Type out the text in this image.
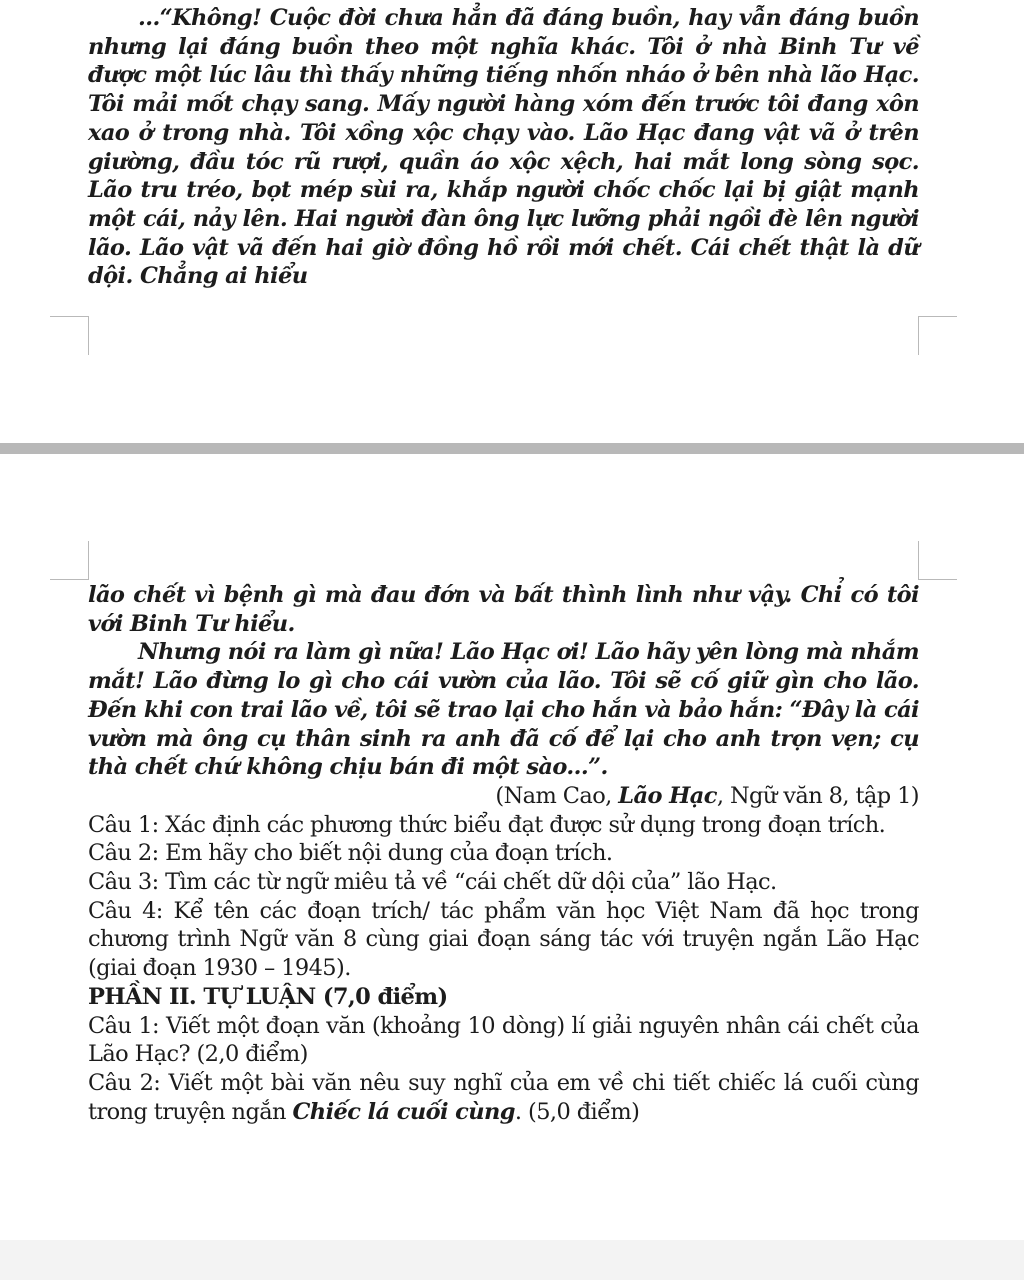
...“Không! Cuộc đời chưa hẳn đã đáng buồn, hay vẫn đáng buồn nhưng lại đáng buồn theo một nghĩa khác. Tôi ở nhà Binh Tư về được một lúc lâu thì thấy những tiếng nhốn nháo ở bên nhà lão Hạc. Tôi mải mốt chạy sang. Mấy người hàng xóm đến trước tôi đang xôn xao ở trong nhà. Tôi xồng xộc chạy vào. Lão Hạc đang vật vã ở trên giường, đầu tóc rũ rượi, quần áo xộc xệch, hai mắt long sòng sọc. Lão tru tréo, bọt mép sùi ra, khắp người chốc chốc lại bị giật mạnh một cái, nảy lên. Hai người đàn ông lực lưỡng phải ngồi đè lên người lão. Lão vật vã đến hai giờ đồng hồ rồi mới chết. Cái chết thật là dữ dội. Chẳng ai hiểu

lão chết vì bệnh gì mà đau đớn và bất thình lình như vậy. Chỉ có tôi với Binh Tư hiểu.

Nhưng nói ra làm gì nữa! Lão Hạc ơi! Lão hãy yên lòng mà nhắm mắt! Lão đừng lo gì cho cái vườn của lão. Tôi sẽ cố giữ gìn cho lão. Đến khi con trai lão về, tôi sẽ trao lại cho hắn và bảo hắn: “Đây là cái vườn mà ông cụ thân sinh ra anh đã cố để lại cho anh trọn vẹn; cụ thà chết chứ không chịu bán đi một sào...”.

(Nam Cao, Lão Hạc, Ngữ văn 8, tập 1)

Câu 1: Xác định các phương thức biểu đạt được sử dụng trong đoạn trích.

Câu 2: Em hãy cho biết nội dung của đoạn trích.

Câu 3: Tìm các từ ngữ miêu tả về “cái chết dữ dội của” lão Hạc.

Câu 4: Kể tên các đoạn trích/ tác phẩm văn học Việt Nam đã học trong chương trình Ngữ văn 8 cùng giai đoạn sáng tác với truyện ngắn Lão Hạc (giai đoạn 1930 – 1945).

PHẦN II. TỰ LUẬN (7,0 điểm)

Câu 1: Viết một đoạn văn (khoảng 10 dòng) lí giải nguyên nhân cái chết của Lão Hạc? (2,0 điểm)

Câu 2: Viết một bài văn nêu suy nghĩ của em về chi tiết chiếc lá cuối cùng trong truyện ngắn Chiếc lá cuối cùng. (5,0 điểm)
